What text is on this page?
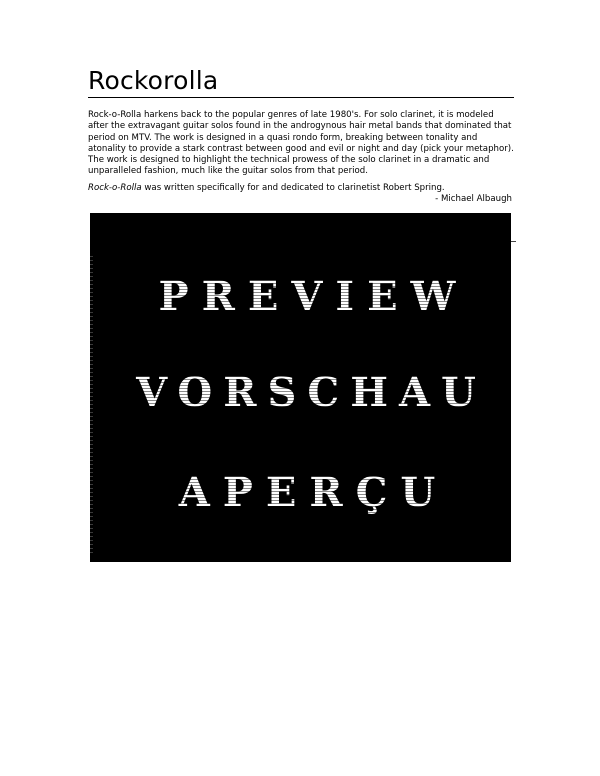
Rockorolla

Rock-o-Rolla harkens back to the popular genres of late 1980's. For solo clarinet, it is modeled after the extravagant guitar solos found in the androgynous hair metal bands that dominated that period on MTV. The work is designed in a quasi rondo form, breaking between tonality and atonality to provide a stark contrast between good and evil or night and day (pick your metaphor). The work is designed to highlight the technical prowess of the solo clarinet in a dramatic and unparalleled fashion, much like the guitar solos from that period.

Rock-o-Rolla was written specifically for and dedicated to clarinetist Robert Spring.

- Michael Albaugh

PREVIEW
VORSCHAU
APERÇU
